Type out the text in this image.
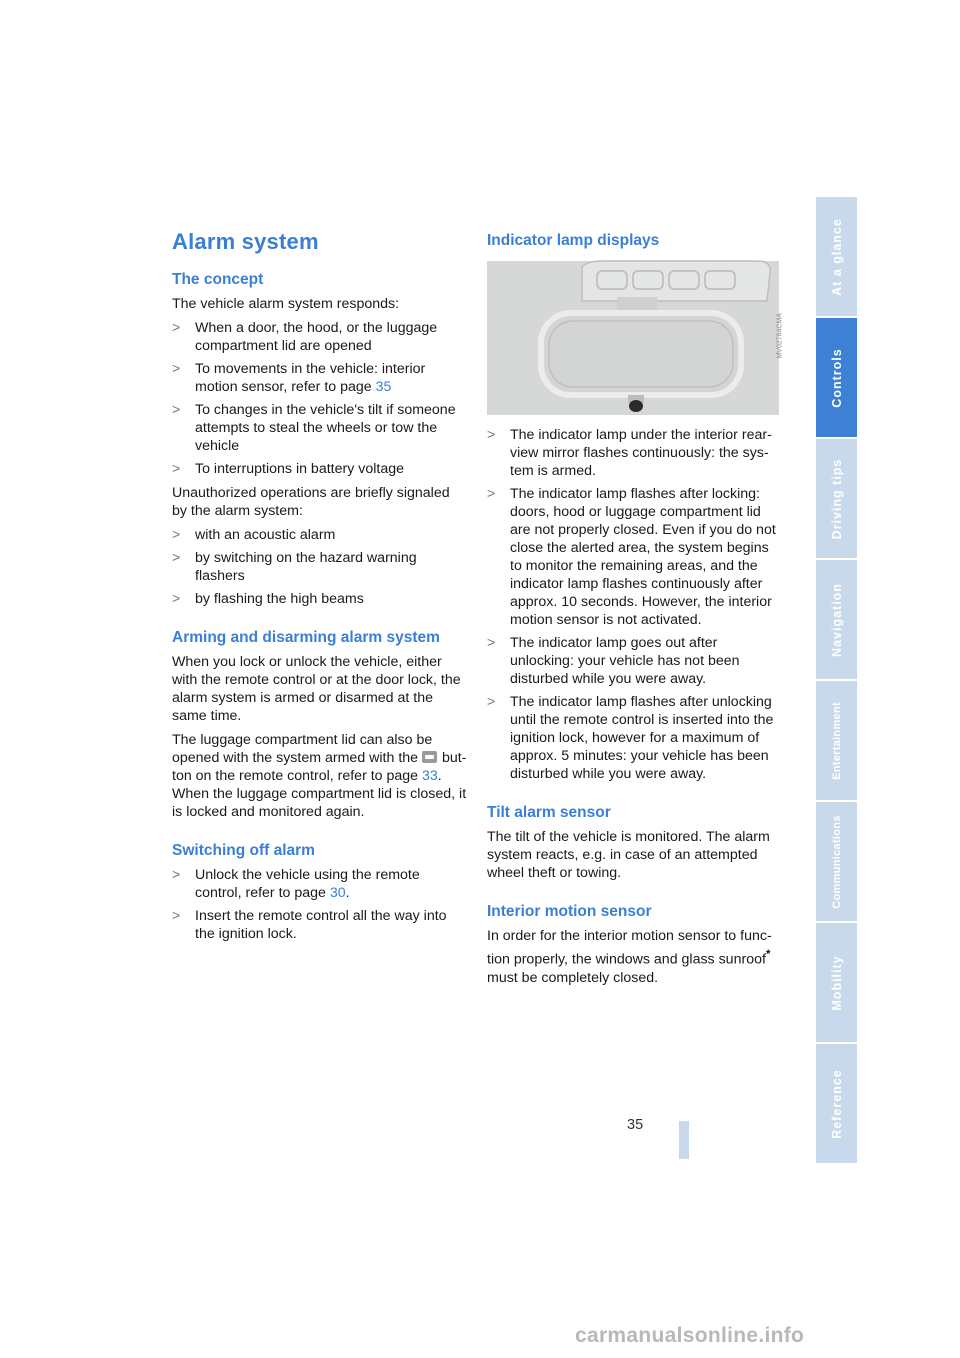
Alarm system
The concept

The vehicle alarm system responds:

> When a door, the hood, or the luggage compartment lid are opened
> To movements in the vehicle: interior motion sensor, refer to page 35
> To changes in the vehicle's tilt if someone attempts to steal the wheels or tow the vehicle
> To interruptions in battery voltage

Unauthorized operations are briefly signaled by the alarm system:

> with an acoustic alarm
> by switching on the hazard warning flashers
> by flashing the high beams
Arming and disarming alarm system

When you lock or unlock the vehicle, either with the remote control or at the door lock, the alarm system is armed or disarmed at the same time.

The luggage compartment lid can also be opened with the system armed with the  button on the remote control, refer to page 33. When the luggage compartment lid is closed, it is locked and monitored again.

Switching off alarm
> Unlock the vehicle using the remote control, refer to page 30.
> Insert the remote control all the way into the ignition lock.
Indicator lamp displays
MV02784CMA
> The indicator lamp under the interior rearview mirror flashes continuously: the system is armed.
> The indicator lamp flashes after locking: doors, hood or luggage compartment lid are not properly closed. Even if you do not close the alerted area, the system begins to monitor the remaining areas, and the indicator lamp flashes continuously after approx. 10 seconds. However, the interior motion sensor is not activated.
> The indicator lamp goes out after unlocking: your vehicle has not been disturbed while you were away.
> The indicator lamp flashes after unlocking until the remote control is inserted into the ignition lock, however for a maximum of approx. 5 minutes: your vehicle has been disturbed while you were away.
Tilt alarm sensor

The tilt of the vehicle is monitored. The alarm system reacts, e.g. in case of an attempted wheel theft or towing.

Interior motion sensor

In order for the interior motion sensor to function properly, the windows and glass sunroof* must be completely closed.

At a glance
Controls
Driving tips
Navigation
Entertainment
Communications
Mobility
Reference
35
carmanualsonline.info
